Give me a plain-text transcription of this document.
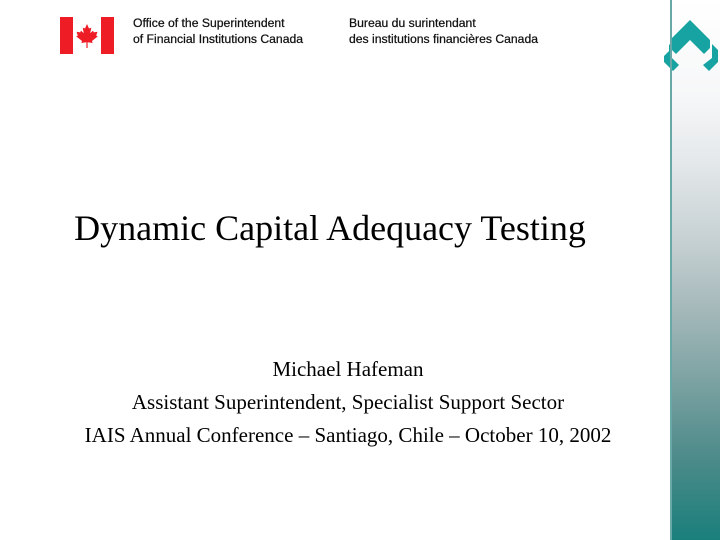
Office of the Superintendent
of Financial Institutions Canada
Bureau du surintendant
des institutions financières Canada
Dynamic Capital Adequacy Testing
Michael Hafeman
Assistant Superintendent, Specialist Support Sector
IAIS Annual Conference – Santiago, Chile – October 10, 2002
